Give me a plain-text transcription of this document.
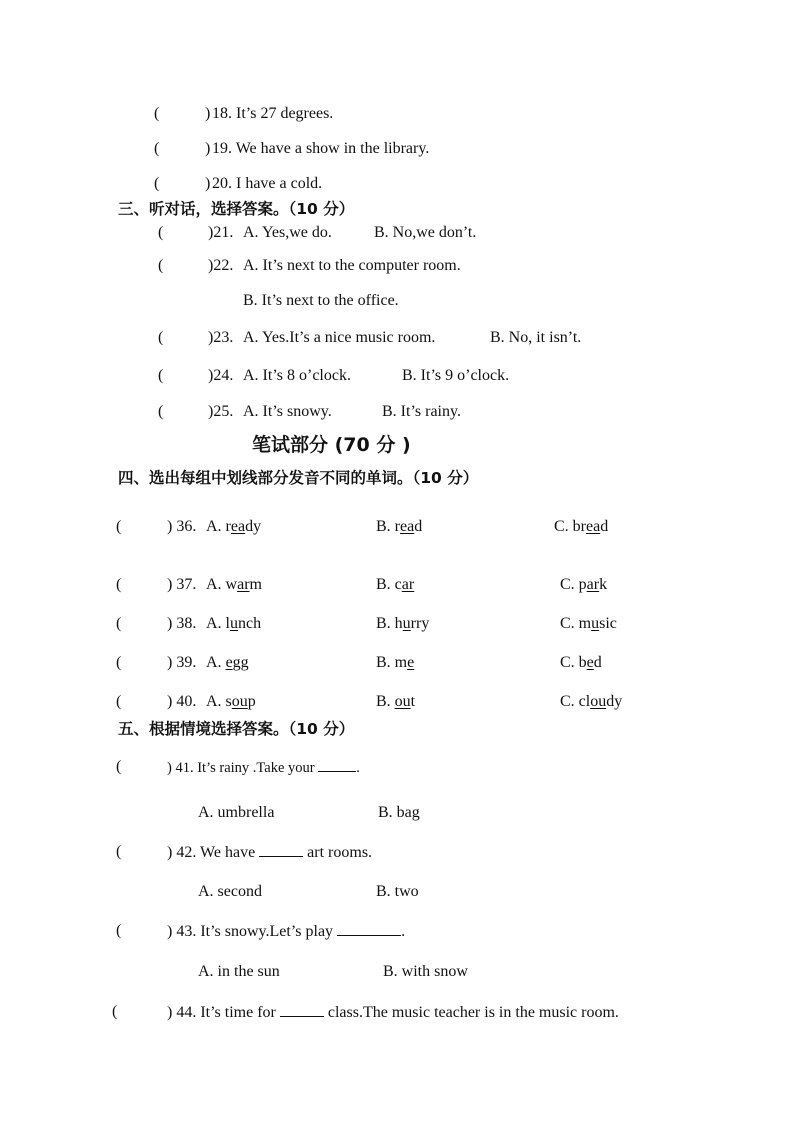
(	) 18. It’s 27 degrees.
(	) 19. We have a show in the library.
(	) 20. I have a cold.
三、听对话，选择答案。（10 分）
(	)21. A. Yes,we do.	B. No,we don’t.
(	)22. A. It’s next to the computer room.
B. It’s next to the office.
(	)23. A. Yes.It’s a nice music room.	B. No, it isn’t.
(	)24. A. It’s 8 o’clock.	B. It’s 9 o’clock.
(	)25. A. It’s snowy.	B. It’s rainy.
笔试部分 (70 分 )
四、选出每组中划线部分发音不同的单词。（10 分）
(	) 36. A. ready	B. read	C. bread
(	) 37. A. warm	B. car	C. park
(	) 38. A. lunch	B. hurry	C. music
(	) 39. A. egg	B. me	C. bed
(	) 40. A. soup	B. out	C. cloudy
五、根据情境选择答案。（10 分）
(	) 41. It’s rainy .Take your	.
A. umbrella	B. bag
(	) 42. We have	art rooms.
A. second	B. two
(	) 43. It’s snowy.Let’s play	.
A. in the sun	B. with snow
(	) 44. It’s time for	class.The music teacher is in the music room.
